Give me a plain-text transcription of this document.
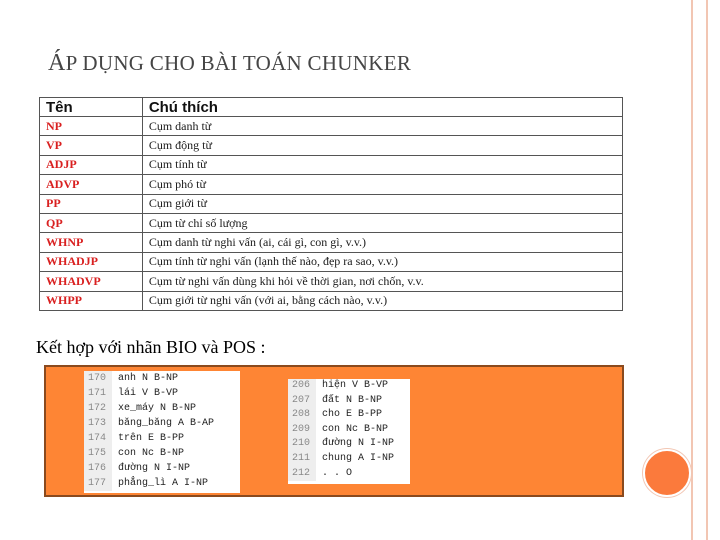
ÁP DỤNG CHO BÀI TOÁN CHUNKER
Tên	Chú thích
NP	Cụm danh từ
VP	Cụm động từ
ADJP	Cụm tính từ
ADVP	Cụm phó từ
PP	Cụm giới từ
QP	Cụm từ chỉ số lượng
WHNP	Cụm danh từ nghi vấn (ai, cái gì, con gì, v.v.)
WHADJP	Cụm tính từ nghi vấn (lạnh thế nào, đẹp ra sao, v.v.)
WHADVP	Cụm từ nghi vấn dùng khi hỏi về thời gian, nơi chốn, v.v.
WHPP	Cụm giới từ nghi vấn (với ai, bằng cách nào, v.v.)
Kết hợp với nhãn BIO và POS :
170	anh N B-NP
171	lái V B-VP
172	xe_máy N B-NP
173	băng_băng A B-AP
174	trên E B-PP
175	con Nc B-NP
176	đường N I-NP
177	phẳng_lì A I-NP
206	hiện V B-VP
207	đất N B-NP
208	cho E B-PP
209	con Nc B-NP
210	đường N I-NP
211	chung A I-NP
212	. . O
